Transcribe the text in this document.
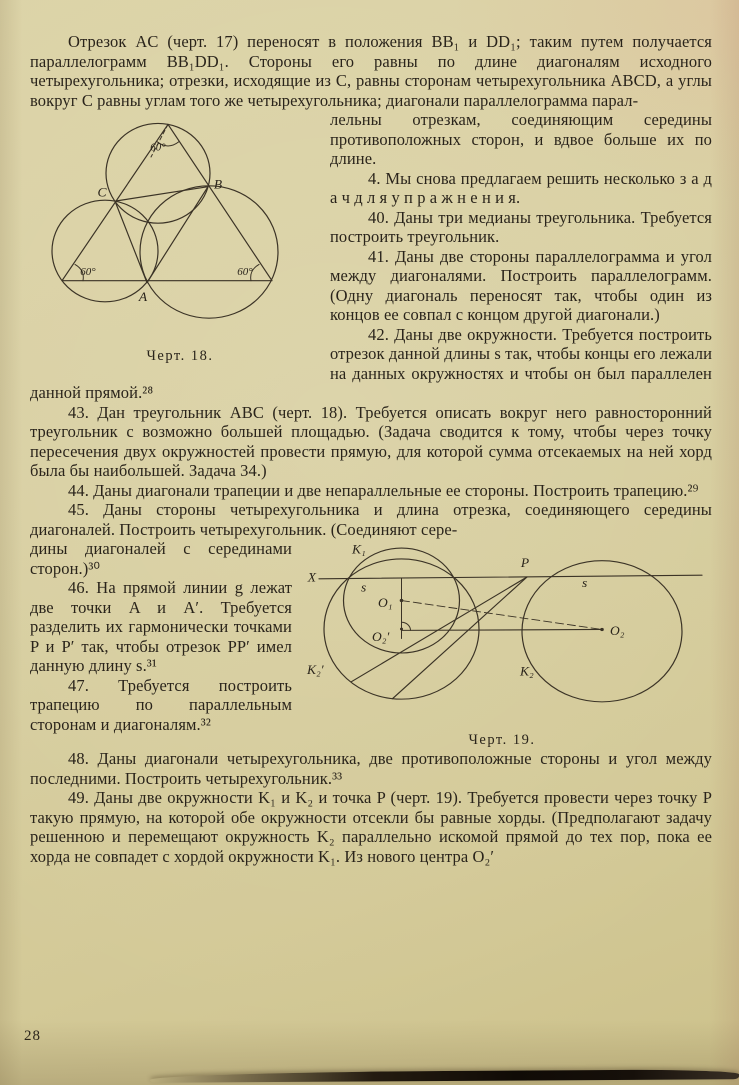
Отрезок AC (черт. 17) переносят в положения BB₁ и DD₁; таким путем получается параллелограмм BB₁DD₁. Стороны его равны по длине диагоналям исходного четырехугольника; отрезки, исходящие из C, равны сторонам четырехугольника ABCD, а углы вокруг C равны углам того же четырехугольника; диагонали параллелограмма парал-

60°
60°	60°
C
B
A
Черт. 18.

лельны отрезкам, соединяющим середины противоположных сторон, и вдвое больше их по длине.

4. Мы снова предлагаем решить несколько з а д а ч д л я у п р а ж н е н и я.

40. Даны три медианы треугольника. Требуется построить треугольник.

41. Даны две стороны параллелограмма и угол между диагоналями. Построить параллелограмм. (Одну диагональ переносят так, чтобы один из концов ее совпал с концом другой диагонали.)

42. Даны две окружности. Требуется построить отрезок данной длины s так, чтобы концы его лежали на данных окружностях и чтобы он был параллелен данной прямой.²⁸

43. Дан треугольник ABC (черт. 18). Требуется описать вокруг него равносторонний треугольник с возможно большей площадью. (Задача сводится к тому, чтобы через точку пересечения двух окружностей провести прямую, для которой сумма отсекаемых на ней хорд была бы наибольшей. Задача 34.)

44. Даны диагонали трапеции и две непараллельные ее стороны. Построить трапецию.²⁹

45. Даны стороны четырехугольника и длина отрезка, соединяющего середины диагоналей. Построить четырехугольник. (Соединяют сере-

K₁
X
P
s
O₁
O₂′
s
O₂
K₂′	K₂
Черт. 19.

дины диагоналей с серединами сторон.)³⁰

46. На прямой линии g лежат две точки A и A′. Требуется разделить их гармонически точками P и P′ так, чтобы отрезок PP′ имел данную длину s.³¹

47. Требуется построить трапецию по параллельным сторонам и диагоналям.³²

48. Даны диагонали четырехугольника, две противоположные стороны и угол между последними. Построить четырехугольник.³³

49. Даны две окружности K₁ и K₂ и точка P (черт. 19). Требуется провести через точку P такую прямую, на которой обе окружности отсекли бы равные хорды. (Предполагают задачу решенною и перемещают окружность K₂ параллельно искомой прямой до тех пор, пока ее хорда не совпадет с хордой окружности K₁. Из нового центра O₂′

28
